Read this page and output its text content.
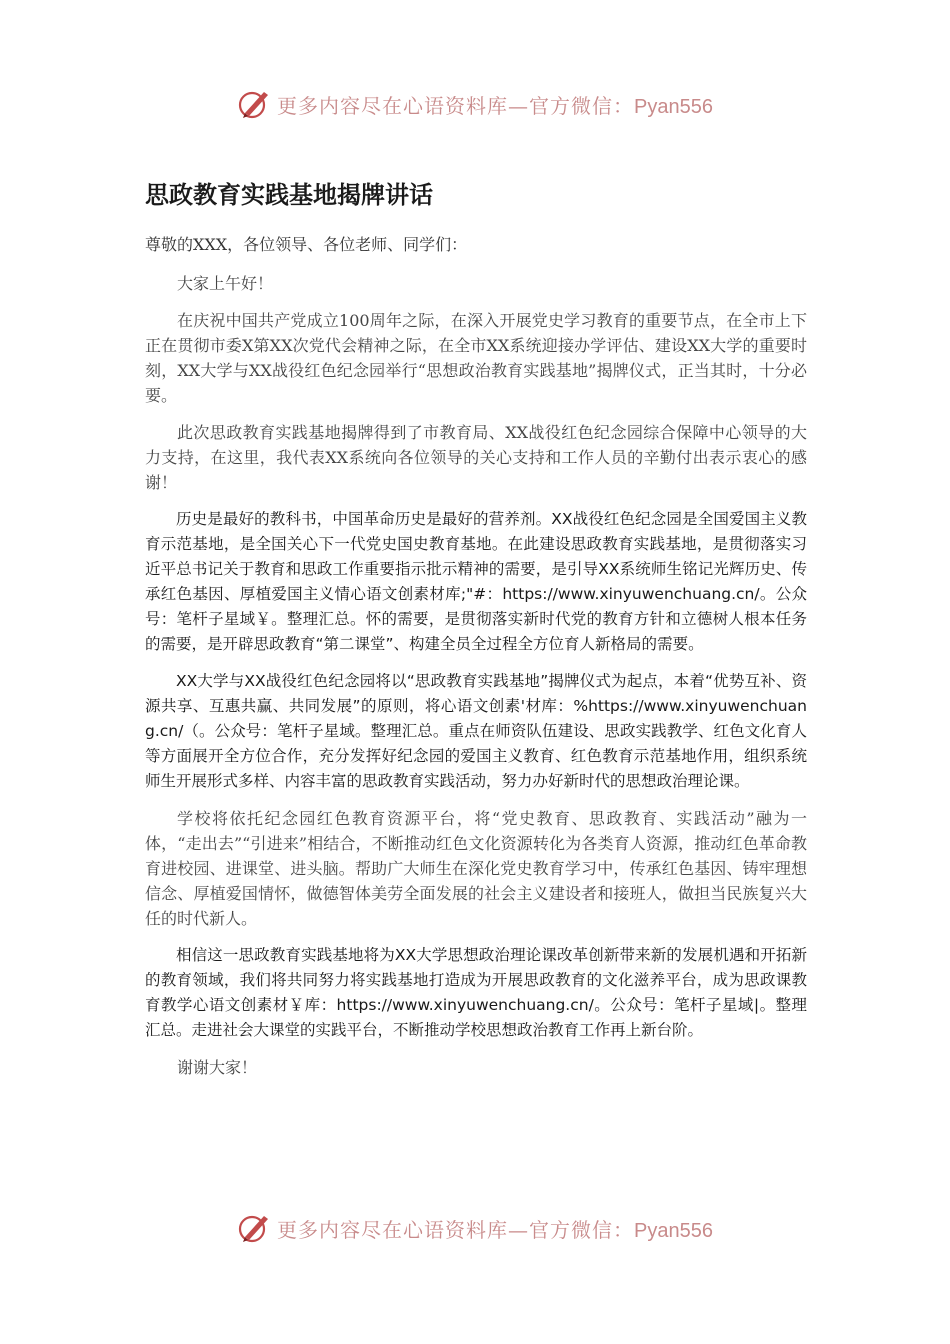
更多内容尽在心语资料库—官方微信：Pyan556
思政教育实践基地揭牌讲话

尊敬的XXX，各位领导、各位老师、同学们：

大家上午好！

在庆祝中国共产党成立100周年之际，在深入开展党史学习教育的重要节点，在全市上下正在贯彻市委X第XX次党代会精神之际，在全市XX系统迎接办学评估、建设XX大学的重要时刻，XX大学与XX战役红色纪念园举行“思想政治教育实践基地”揭牌仪式，正当其时，十分必要。

此次思政教育实践基地揭牌得到了市教育局、XX战役红色纪念园综合保障中心领导的大力支持，在这里，我代表XX系统向各位领导的关心支持和工作人员的辛勤付出表示衷心的感谢！

历史是最好的教科书，中国革命历史是最好的营养剂。XX战役红色纪念园是全国爱国主义教育示范基地，是全国关心下一代党史国史教育基地。在此建设思政教育实践基地，是贯彻落实习近平总书记关于教育和思政工作重要指示批示精神的需要，是引导XX系统师生铭记光辉历史、传承红色基因、厚植爱国主义情心语文创素材库;"#：https://www.xinyuwenchuang.cn/。公众号：笔杆子星域￥。整理汇总。怀的需要，是贯彻落实新时代党的教育方针和立德树人根本任务的需要，是开辟思政教育“第二课堂”、构建全员全过程全方位育人新格局的需要。

XX大学与XX战役红色纪念园将以“思政教育实践基地”揭牌仪式为起点，本着“优势互补、资源共享、互惠共赢、共同发展”的原则，将心语文创素'材库：%https://www.xinyuwenchuang.cn/（。公众号：笔杆子星域。整理汇总。重点在师资队伍建设、思政实践教学、红色文化育人等方面展开全方位合作，充分发挥好纪念园的爱国主义教育、红色教育示范基地作用，组织系统师生开展形式多样、内容丰富的思政教育实践活动，努力办好新时代的思想政治理论课。

学校将依托纪念园红色教育资源平台，将“党史教育、思政教育、实践活动”融为一体，“走出去”“引进来”相结合，不断推动红色文化资源转化为各类育人资源，推动红色革命教育进校园、进课堂、进头脑。帮助广大师生在深化党史教育学习中，传承红色基因、铸牢理想信念、厚植爱国情怀，做德智体美劳全面发展的社会主义建设者和接班人，做担当民族复兴大任的时代新人。

相信这一思政教育实践基地将为XX大学思想政治理论课改革创新带来新的发展机遇和开拓新的教育领域，我们将共同努力将实践基地打造成为开展思政教育的文化滋养平台，成为思政课教育教学心语文创素材￥库：https://www.xinyuwenchuang.cn/。公众号：笔杆子星域|。整理汇总。走进社会大课堂的实践平台，不断推动学校思想政治教育工作再上新台阶。

谢谢大家！

更多内容尽在心语资料库—官方微信：Pyan556
